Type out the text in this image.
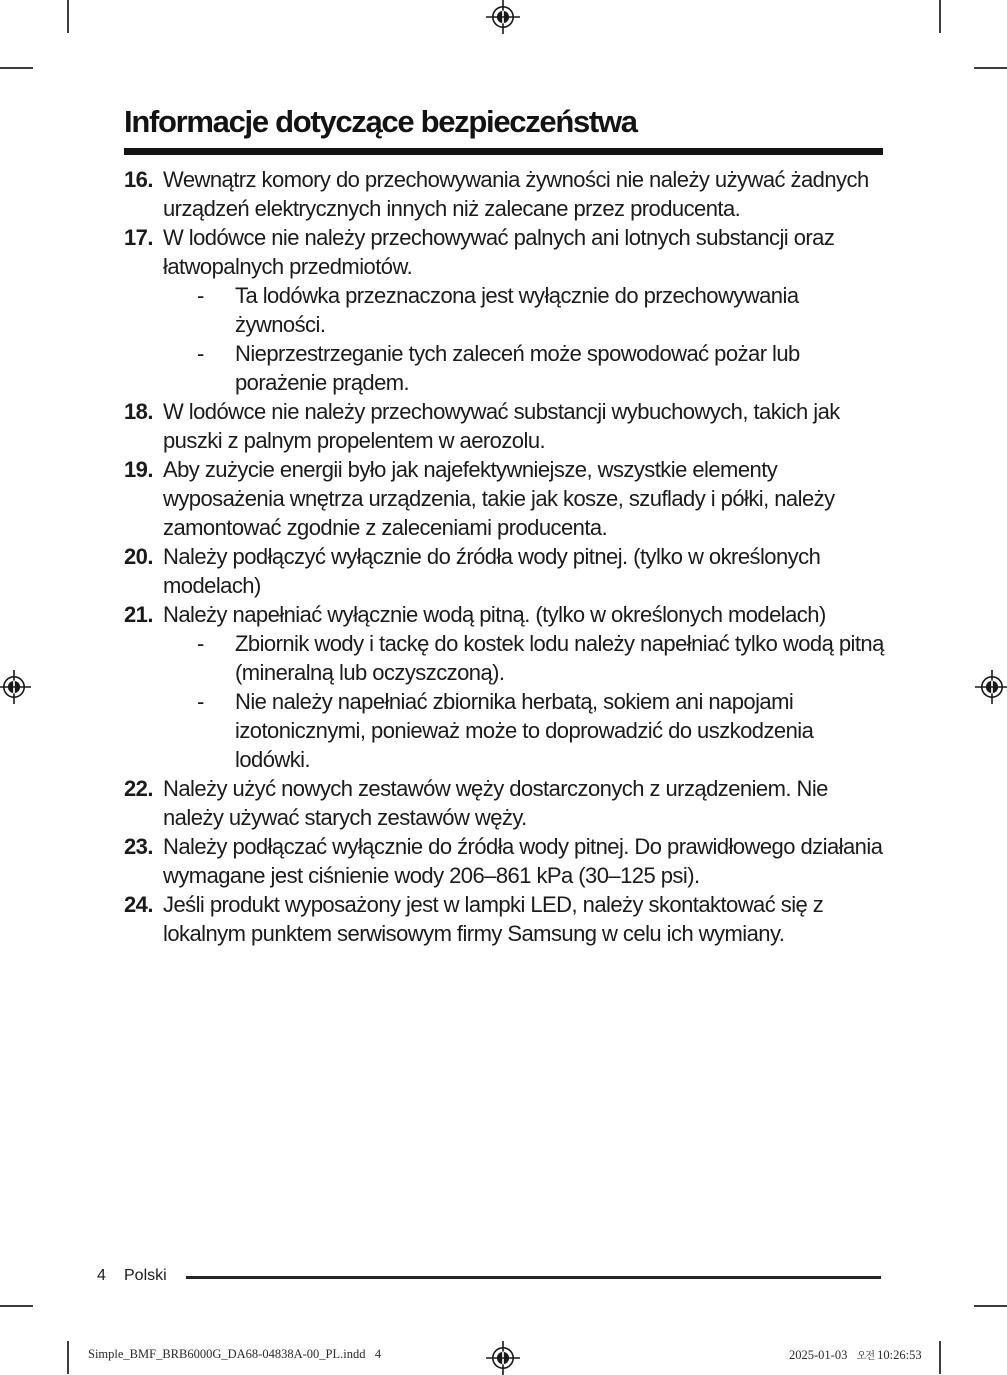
Informacje dotyczące bezpieczeństwa
16. Wewnątrz komory do przechowywania żywności nie należy używać żadnych urządzeń elektrycznych innych niż zalecane przez producenta.
17. W lodówce nie należy przechowywać palnych ani lotnych substancji oraz łatwopalnych przedmiotów.
-	Ta lodówka przeznaczona jest wyłącznie do przechowywania żywności.
-	Nieprzestrzeganie tych zaleceń może spowodować pożar lub porażenie prądem.
18. W lodówce nie należy przechowywać substancji wybuchowych, takich jak puszki z palnym propelentem w aerozolu.
19. Aby zużycie energii było jak najefektywniejsze, wszystkie elementy wyposażenia wnętrza urządzenia, takie jak kosze, szuflady i półki, należy zamontować zgodnie z zaleceniami producenta.
20. Należy podłączyć wyłącznie do źródła wody pitnej. (tylko w określonych modelach)
21. Należy napełniać wyłącznie wodą pitną. (tylko w określonych modelach)
-	Zbiornik wody i tackę do kostek lodu należy napełniać tylko wodą pitną (mineralną lub oczyszczoną).
-	Nie należy napełniać zbiornika herbatą, sokiem ani napojami izotonicznymi, ponieważ może to doprowadzić do uszkodzenia lodówki.
22. Należy użyć nowych zestawów węży dostarczonych z urządzeniem. Nie należy używać starych zestawów węży.
23. Należy podłączać wyłącznie do źródła wody pitnej. Do prawidłowego działania wymagane jest ciśnienie wody 206–861 kPa (30–125 psi).
24. Jeśli produkt wyposażony jest w lampki LED, należy skontaktować się z lokalnym punktem serwisowym firmy Samsung w celu ich wymiany.
4 Polski
Simple_BMF_BRB6000G_DA68-04838A-00_PL.indd 4	2025-01-03 오전 10:26:53
